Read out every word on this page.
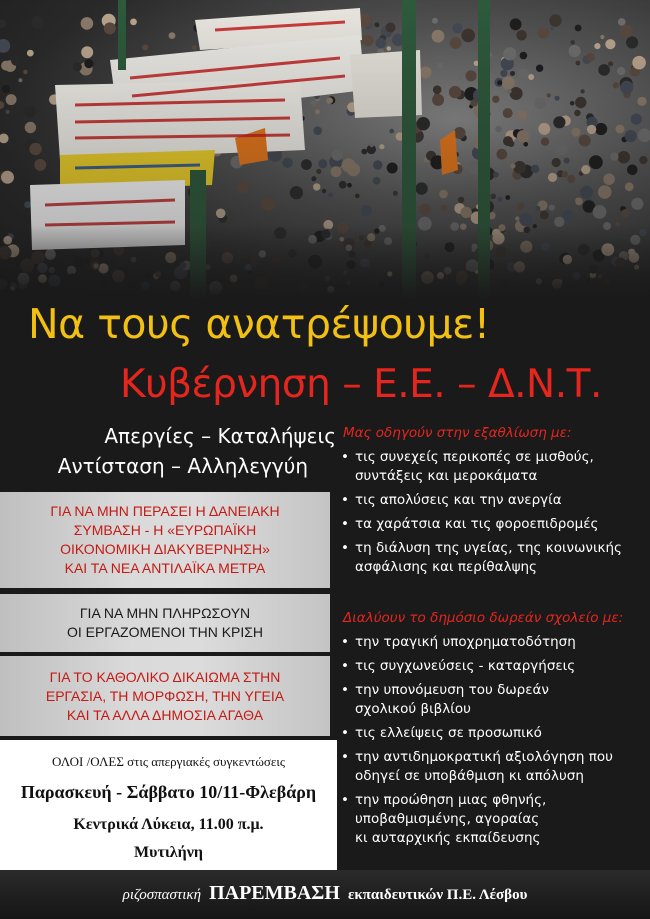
Να τους ανατρέψουμε!
Κυβέρνηση – Ε.Ε. – Δ.Ν.Τ.
Απεργίες – Καταλήψεις
Αντίσταση – Αλληλεγγύη
ΓΙΑ ΝΑ ΜΗΝ ΠΕΡΑΣΕΙ Η ΔΑΝΕΙΑΚΗ
ΣΥΜΒΑΣΗ - Η «ΕΥΡΩΠΑΪΚΗ
ΟΙΚΟΝΟΜΙΚΗ ΔΙΑΚΥΒΕΡΝΗΣΗ»
ΚΑΙ ΤΑ ΝΕΑ ΑΝΤΙΛΑΪΚΑ ΜΕΤΡΑ
ΓΙΑ ΝΑ ΜΗΝ ΠΛΗΡΩΣΟΥΝ
ΟΙ ΕΡΓΑΖΟΜΕΝΟΙ ΤΗΝ ΚΡΙΣΗ
ΓΙΑ ΤΟ ΚΑΘΟΛΙΚΟ ΔΙΚΑΙΩΜΑ ΣΤΗΝ
ΕΡΓΑΣΙΑ, ΤΗ ΜΟΡΦΩΣΗ, ΤΗΝ ΥΓΕΙΑ
ΚΑΙ ΤΑ ΑΛΛΑ ΔΗΜΟΣΙΑ ΑΓΑΘΑ
ΟΛΟΙ /ΟΛΕΣ στις απεργιακές συγκεντώσεις
Παρασκευή - Σάββατο 10/11-Φλεβάρη
Κεντρικά Λύκεια, 11.00 π.μ.
Μυτιλήνη
Μας οδηγούν στην εξαθλίωση με:
• τις συνεχείς περικοπές σε μισθούς,
συντάξεις και μεροκάματα
• τις απολύσεις και την ανεργία
• τα χαράτσια και τις φοροεπιδρομές
• τη διάλυση της υγείας, της κοινωνικής
ασφάλισης και περίθαλψης
Διαλύουν το δημόσιο δωρεάν σχολείο με:
• την τραγική υποχρηματοδότηση
• τις συγχωνεύσεις - καταργήσεις
• την υπονόμευση του δωρεάν
σχολικού βιβλίου
• τις ελλείψεις σε προσωπικό
• την αντιδημοκρατική αξιολόγηση που
οδηγεί σε υποβάθμιση κι απόλυση
• την προώθηση μιας φθηνής,
υποβαθμισμένης, αγοραίας
κι αυταρχικής εκπαίδευσης
ριζοσπαστική ΠΑΡΕΜΒΑΣΗ εκπαιδευτικών Π.Ε. Λέσβου
